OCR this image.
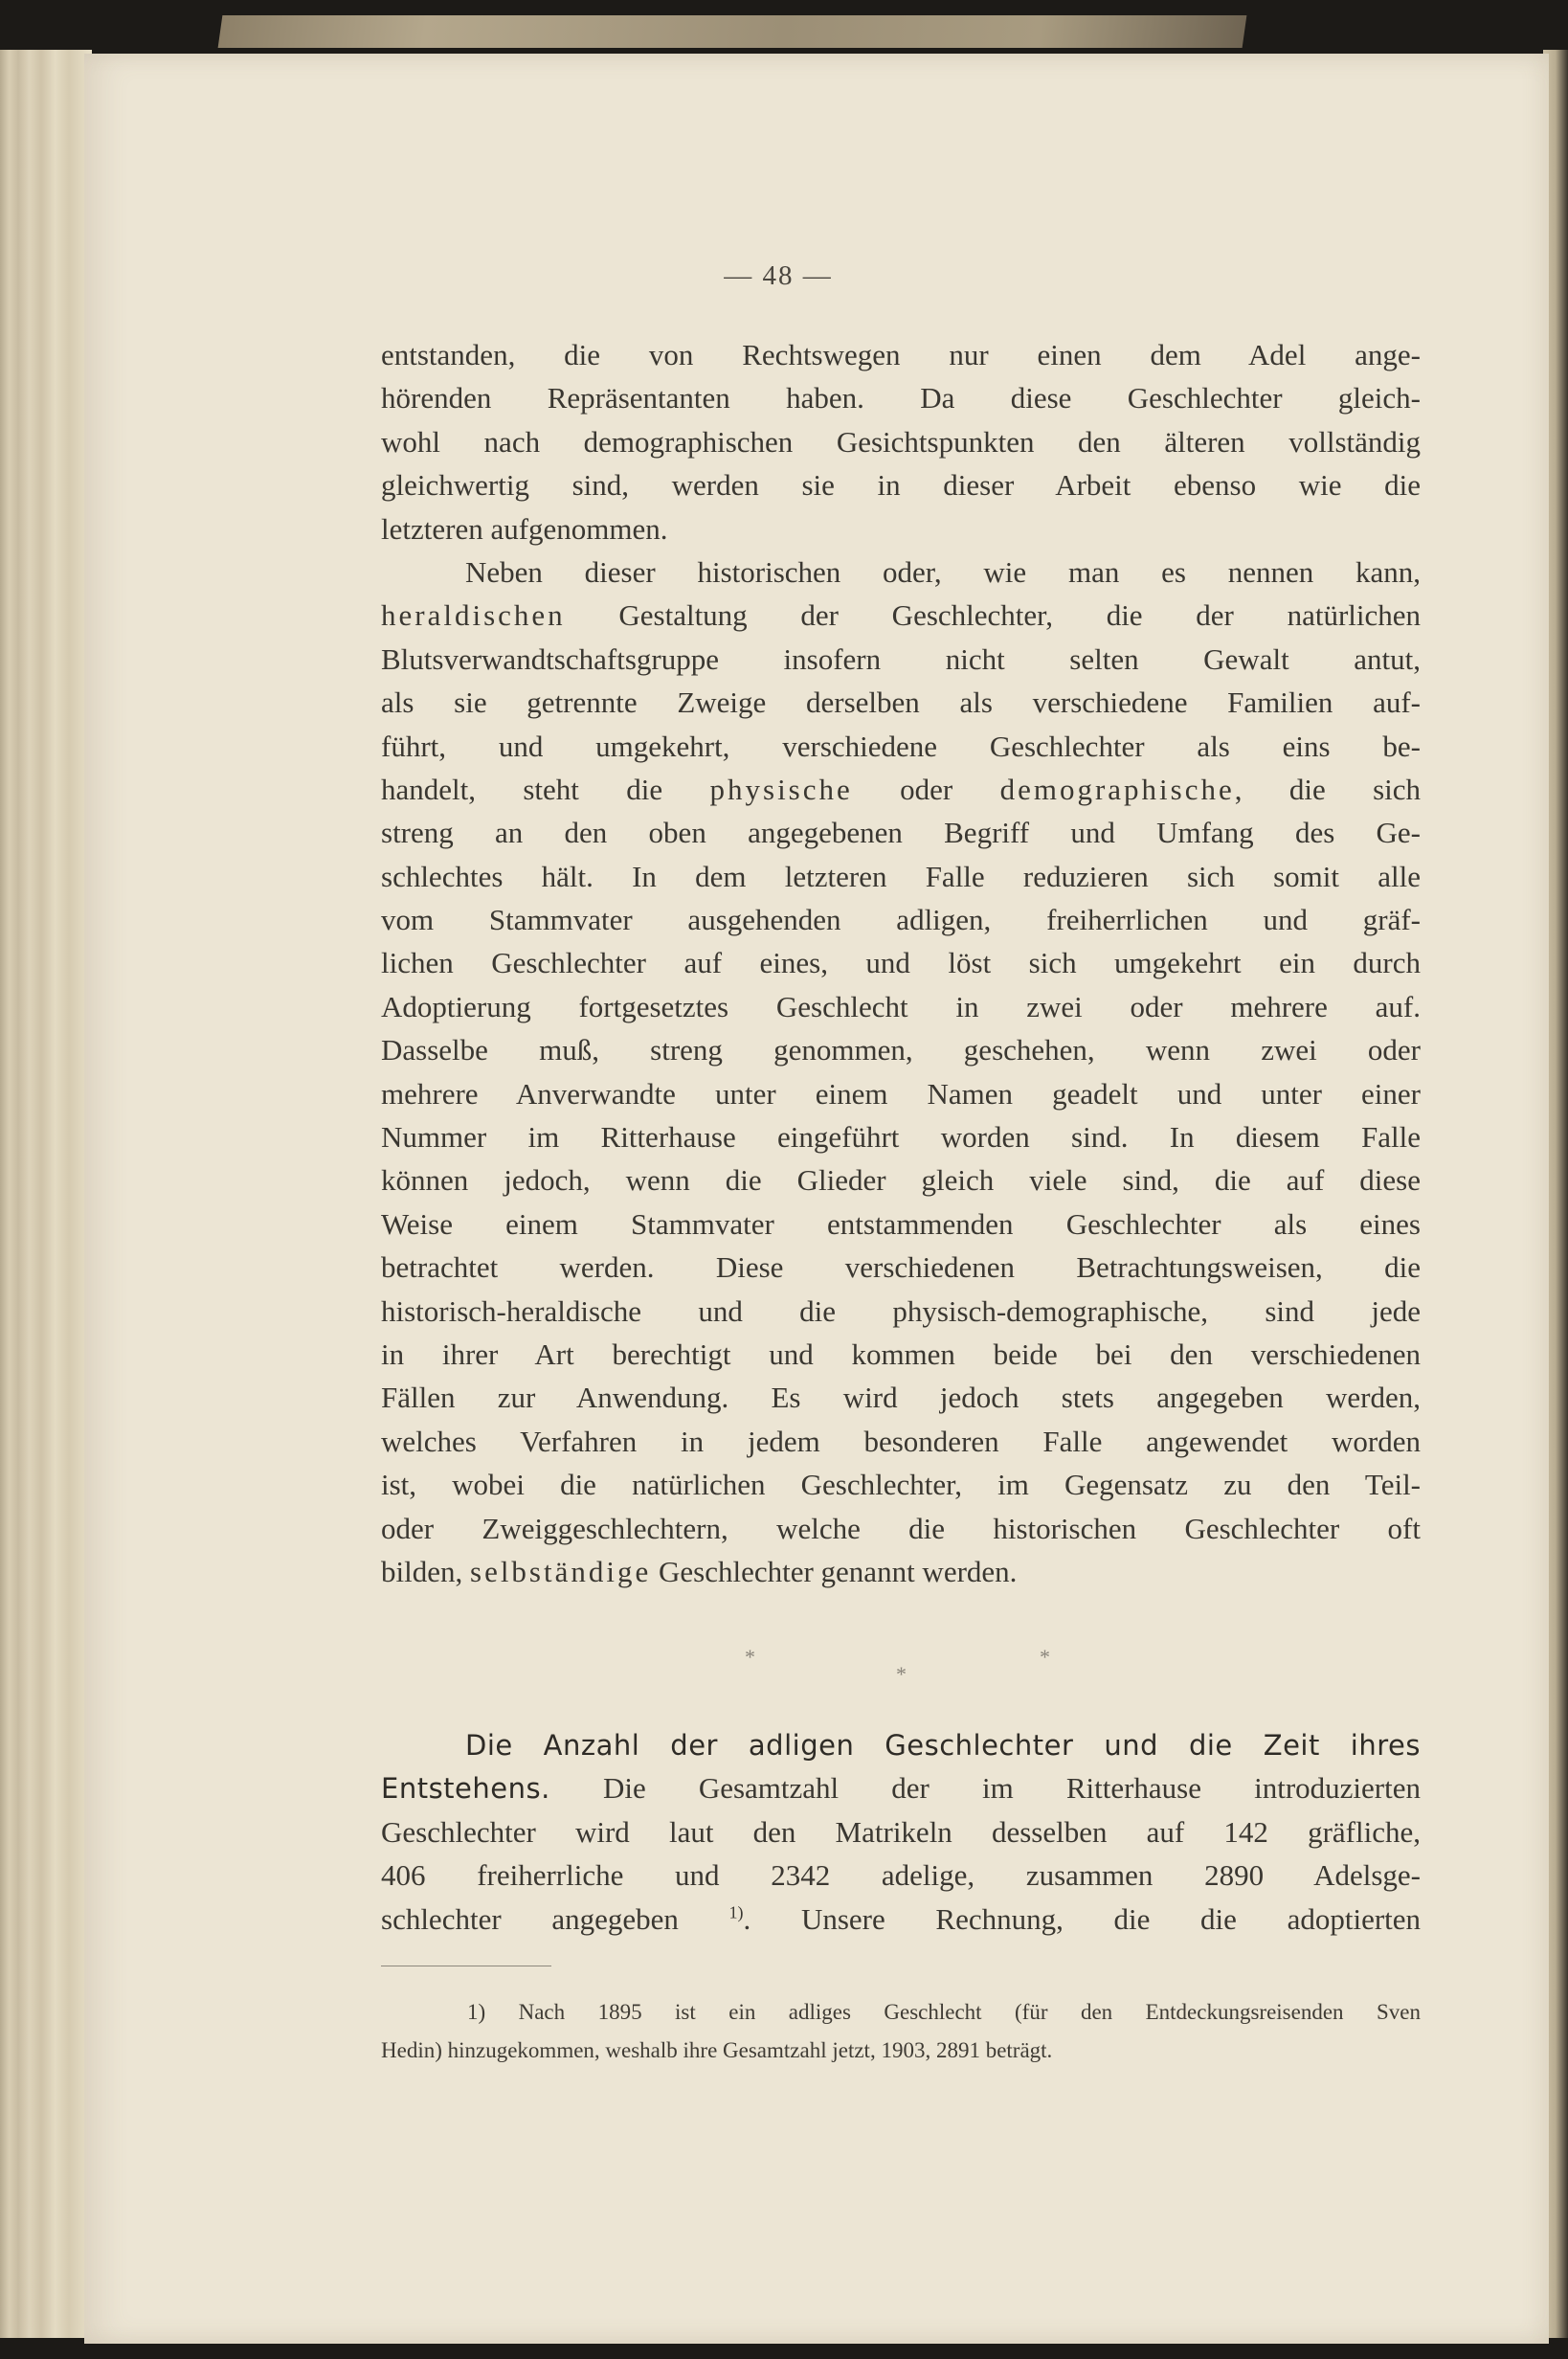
— 48 —
entstanden, die von Rechtswegen nur einen dem Adel ange-
hörenden Repräsentanten haben. Da diese Geschlechter gleich-
wohl nach demographischen Gesichtspunkten den älteren vollständig
gleichwertig sind, werden sie in dieser Arbeit ebenso wie die
letzteren aufgenommen.
Neben dieser historischen oder, wie man es nennen kann,
heraldischen Gestaltung der Geschlechter, die der natürlichen
Blutsverwandtschaftsgruppe insofern nicht selten Gewalt antut,
als sie getrennte Zweige derselben als verschiedene Familien auf-
führt, und umgekehrt, verschiedene Geschlechter als eins be-
handelt, steht die physische oder demographische, die sich
streng an den oben angegebenen Begriff und Umfang des Ge-
schlechtes hält. In dem letzteren Falle reduzieren sich somit alle
vom Stammvater ausgehenden adligen, freiherrlichen und gräf-
lichen Geschlechter auf eines, und löst sich umgekehrt ein durch
Adoptierung fortgesetztes Geschlecht in zwei oder mehrere auf.
Dasselbe muß, streng genommen, geschehen, wenn zwei oder
mehrere Anverwandte unter einem Namen geadelt und unter einer
Nummer im Ritterhause eingeführt worden sind. In diesem Falle
können jedoch, wenn die Glieder gleich viele sind, die auf diese
Weise einem Stammvater entstammenden Geschlechter als eines
betrachtet werden. Diese verschiedenen Betrachtungsweisen, die
historisch-heraldische und die physisch-demographische, sind jede
in ihrer Art berechtigt und kommen beide bei den verschiedenen
Fällen zur Anwendung. Es wird jedoch stets angegeben werden,
welches Verfahren in jedem besonderen Falle angewendet worden
ist, wobei die natürlichen Geschlechter, im Gegensatz zu den Teil-
oder Zweiggeschlechtern, welche die historischen Geschlechter oft
bilden, selbständige Geschlechter genannt werden.
*
*
*
Die Anzahl der adligen Geschlechter und die Zeit ihres
Entstehens. Die Gesamtzahl der im Ritterhause introduzierten
Geschlechter wird laut den Matrikeln desselben auf 142 gräfliche,
406 freiherrliche und 2342 adelige, zusammen 2890 Adelsge-
schlechter angegeben	$^{1)}$. Unsere Rechnung, die die adoptierten
1) Nach 1895 ist ein adliges Geschlecht (für den Entdeckungsreisenden Sven
Hedin) hinzugekommen, weshalb ihre Gesamtzahl jetzt, 1903, 2891 beträgt.
